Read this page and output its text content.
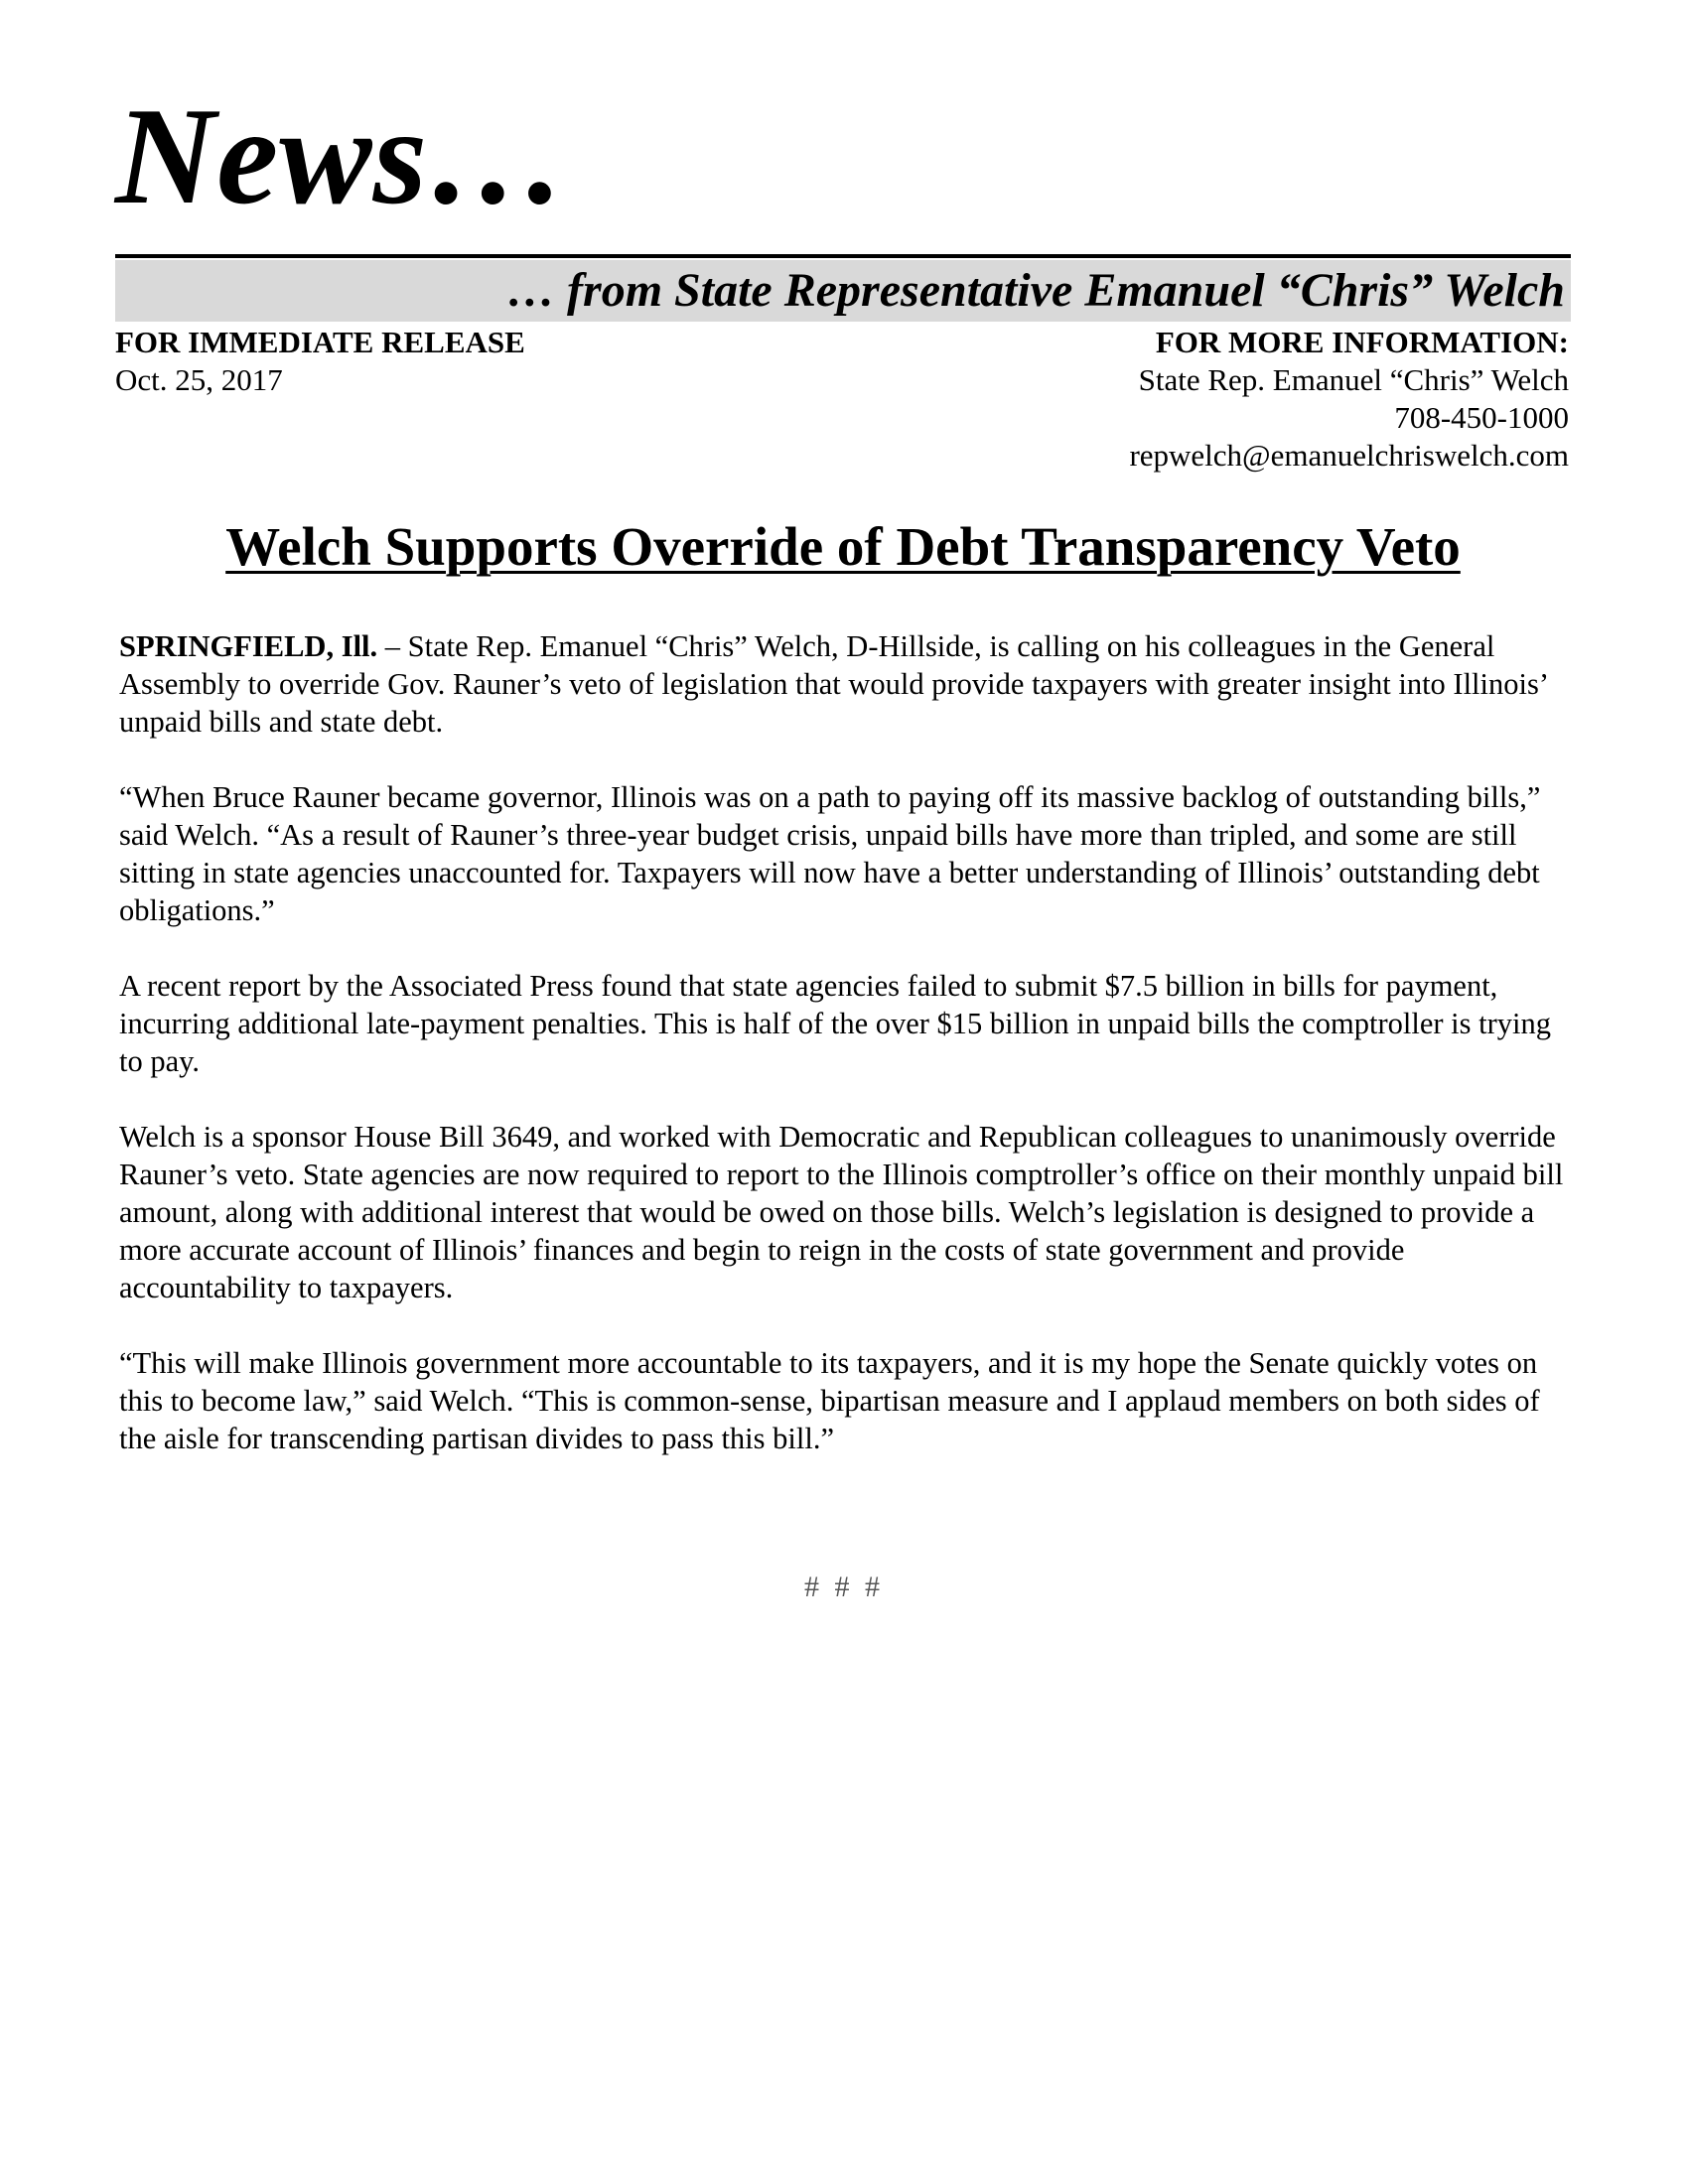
News…
… from State Representative Emanuel “Chris” Welch
FOR IMMEDIATE RELEASE
Oct. 25, 2017
FOR MORE INFORMATION:
State Rep. Emanuel “Chris” Welch
708-450-1000
repwelch@emanuelchriswelch.com
Welch Supports Override of Debt Transparency Veto

SPRINGFIELD, Ill. – State Rep. Emanuel “Chris” Welch, D-Hillside, is calling on his colleagues in the General Assembly to override Gov. Rauner’s veto of legislation that would provide taxpayers with greater insight into Illinois’ unpaid bills and state debt.

“When Bruce Rauner became governor, Illinois was on a path to paying off its massive backlog of outstanding bills,” said Welch. “As a result of Rauner’s three-year budget crisis, unpaid bills have more than tripled, and some are still sitting in state agencies unaccounted for. Taxpayers will now have a better understanding of Illinois’ outstanding debt obligations.”

A recent report by the Associated Press found that state agencies failed to submit $7.5 billion in bills for payment, incurring additional late-payment penalties. This is half of the over $15 billion in unpaid bills the comptroller is trying to pay.

Welch is a sponsor House Bill 3649, and worked with Democratic and Republican colleagues to unanimously override Rauner’s veto. State agencies are now required to report to the Illinois comptroller’s office on their monthly unpaid bill amount, along with additional interest that would be owed on those bills. Welch’s legislation is designed to provide a more accurate account of Illinois’ finances and begin to reign in the costs of state government and provide accountability to taxpayers.

“This will make Illinois government more accountable to its taxpayers, and it is my hope the Senate quickly votes on this to become law,” said Welch. “This is common-sense, bipartisan measure and I applaud members on both sides of the aisle for transcending partisan divides to pass this bill.”

# # #
